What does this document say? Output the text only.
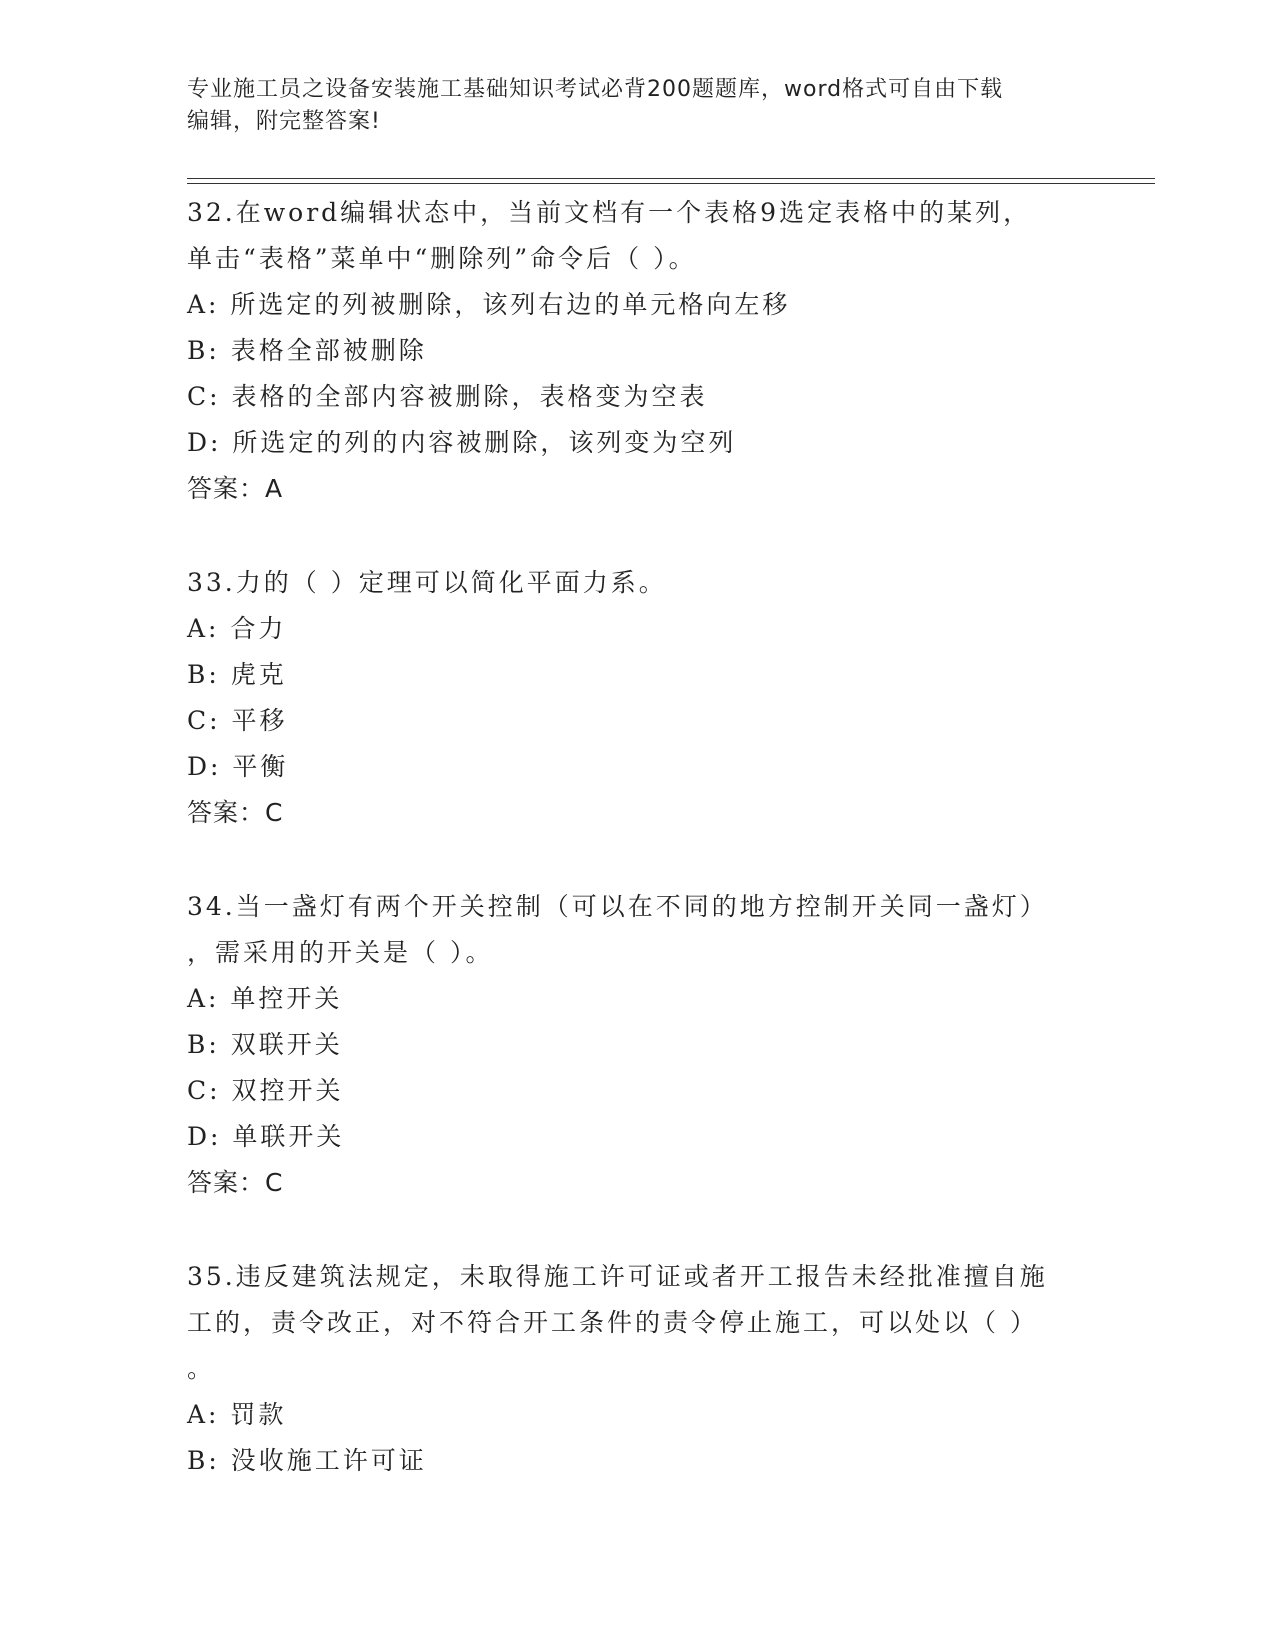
专业施工员之设备安装施工基础知识考试必背200题题库，word格式可自由下载
编辑，附完整答案!
32.在word编辑状态中，当前文档有一个表格9选定表格中的某列，
单击“表格”菜单中“删除列”命令后（ ）。
A: 所选定的列被删除，该列右边的单元格向左移
B: 表格全部被删除
C: 表格的全部内容被删除，表格变为空表
D: 所选定的列的内容被删除，该列变为空列
答案：A
33.力的（ ）定理可以简化平面力系。
A: 合力
B: 虎克
C: 平移
D: 平衡
答案：C
34.当一盏灯有两个开关控制（可以在不同的地方控制开关同一盏灯）
，需采用的开关是（ ）。
A: 单控开关
B: 双联开关
C: 双控开关
D: 单联开关
答案：C
35.违反建筑法规定，未取得施工许可证或者开工报告未经批准擅自施
工的，责令改正，对不符合开工条件的责令停止施工，可以处以（ ）
。
A: 罚款
B: 没收施工许可证
